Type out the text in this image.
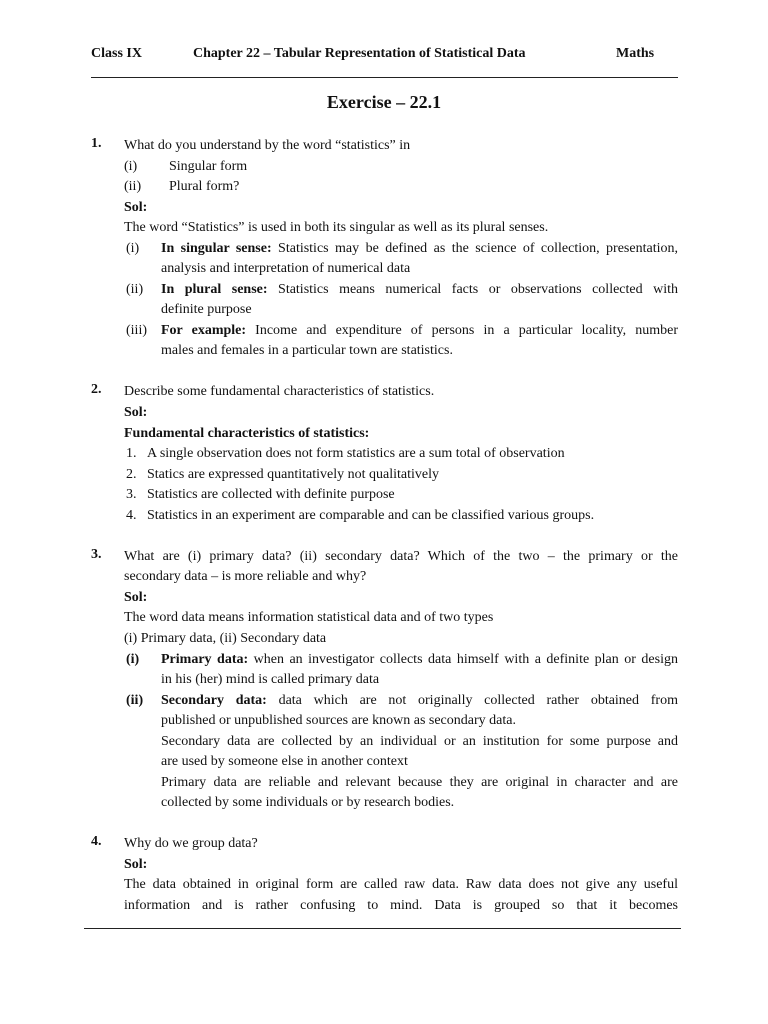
Class IX	Chapter 22 – Tabular Representation of Statistical Data	Maths
Exercise – 22.1
1. What do you understand by the word “statistics” in
(i) Singular form
(ii) Plural form?
Sol:
The word “Statistics” is used in both its singular as well as its plural senses.
(i) In singular sense: Statistics may be defined as the science of collection, presentation,
analysis and interpretation of numerical data
(ii) In plural sense: Statistics means numerical facts or observations collected with
definite purpose
(iii) For example: Income and expenditure of persons in a particular locality, number
males and females in a particular town are statistics.
2. Describe some fundamental characteristics of statistics.
Sol:
Fundamental characteristics of statistics:
1. A single observation does not form statistics are a sum total of observation
2. Statics are expressed quantitatively not qualitatively
3. Statistics are collected with definite purpose
4. Statistics in an experiment are comparable and can be classified various groups.
3. What are (i) primary data? (ii) secondary data? Which of the two – the primary or the
secondary data – is more reliable and why?
Sol:
The word data means information statistical data and of two types
(i) Primary data, (ii) Secondary data
(i) Primary data: when an investigator collects data himself with a definite plan or design
in his (her) mind is called primary data
(ii) Secondary data: data which are not originally collected rather obtained from
published or unpublished sources are known as secondary data.
Secondary data are collected by an individual or an institution for some purpose and
are used by someone else in another context
Primary data are reliable and relevant because they are original in character and are
collected by some individuals or by research bodies.
4. Why do we group data?
Sol:
The data obtained in original form are called raw data. Raw data does not give any useful
information and is rather confusing to mind. Data is grouped so that it becomes
